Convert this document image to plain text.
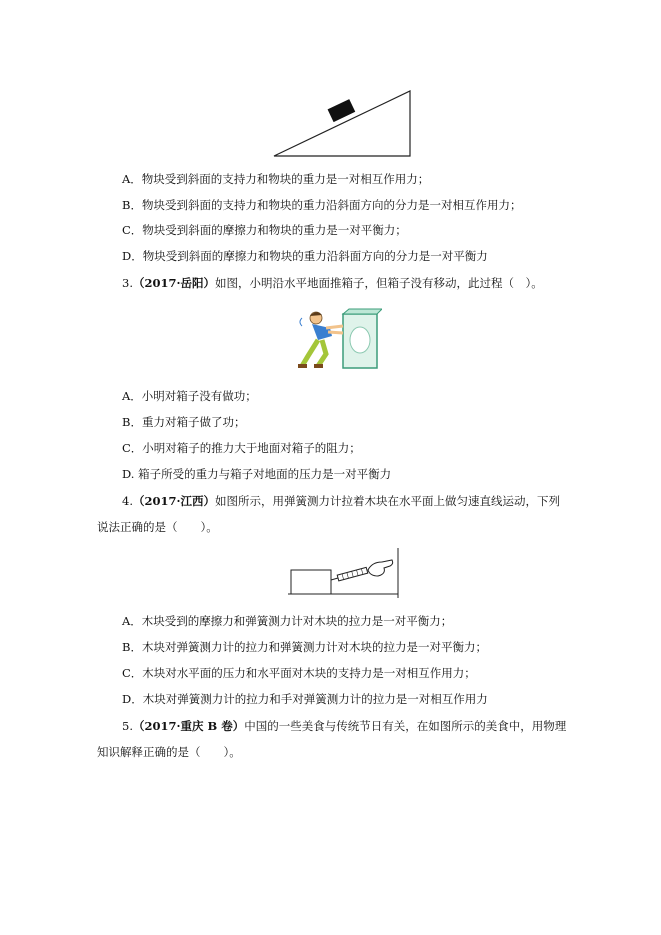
A．物块受到斜面的支持力和物块的重力是一对相互作用力；
B．物块受到斜面的支持力和物块的重力沿斜面方向的分力是一对相互作用力；
C．物块受到斜面的摩擦力和物块的重力是一对平衡力；
D．物块受到斜面的摩擦力和物块的重力沿斜面方向的分力是一对平衡力
3.（2017·岳阳）如图，小明沿水平地面推箱子，但箱子没有移动，此过程（　）。
A．小明对箱子没有做功；
B．重力对箱子做了功；
C．小明对箱子的推力大于地面对箱子的阻力；
D. 箱子所受的重力与箱子对地面的压力是一对平衡力
4.（2017·江西）如图所示，用弹簧测力计拉着木块在水平面上做匀速直线运动，下列
说法正确的是（　　）。
A．木块受到的摩擦力和弹簧测力计对木块的拉力是一对平衡力；
B．木块对弹簧测力计的拉力和弹簧测力计对木块的拉力是一对平衡力；
C．木块对水平面的压力和水平面对木块的支持力是一对相互作用力；
D．木块对弹簧测力计的拉力和手对弹簧测力计的拉力是一对相互作用力
5.（2017·重庆 B 卷）中国的一些美食与传统节日有关，在如图所示的美食中，用物理
知识解释正确的是（　　）。
